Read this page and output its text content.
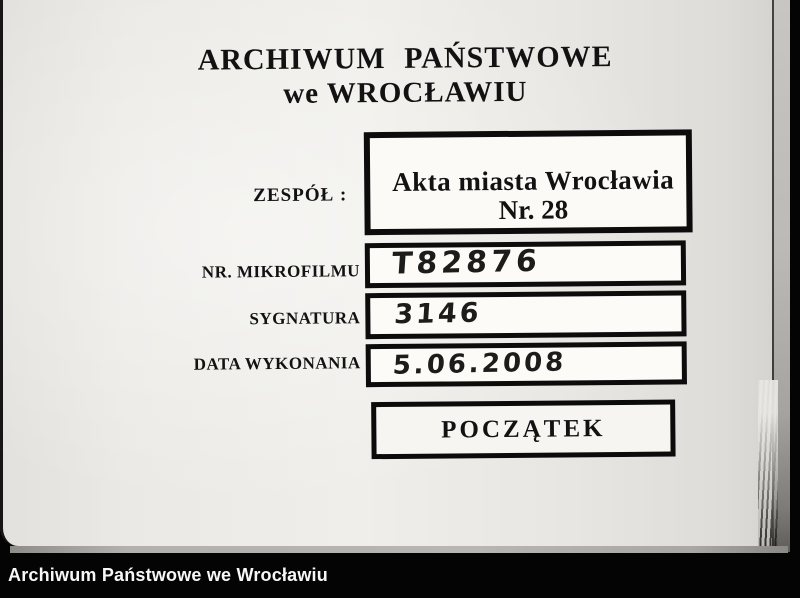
ARCHIWUM PAŃSTWOWE
we WROCŁAWIU
ZESPÓŁ : Akta miasta Wrocławia
Nr. 28
NR. MIKROFILMU	T82876
SYGNATURA	3146
DATA WYKONANIA	5.06.2008
POCZĄTEK
Archiwum Państwowe we Wrocławiu
